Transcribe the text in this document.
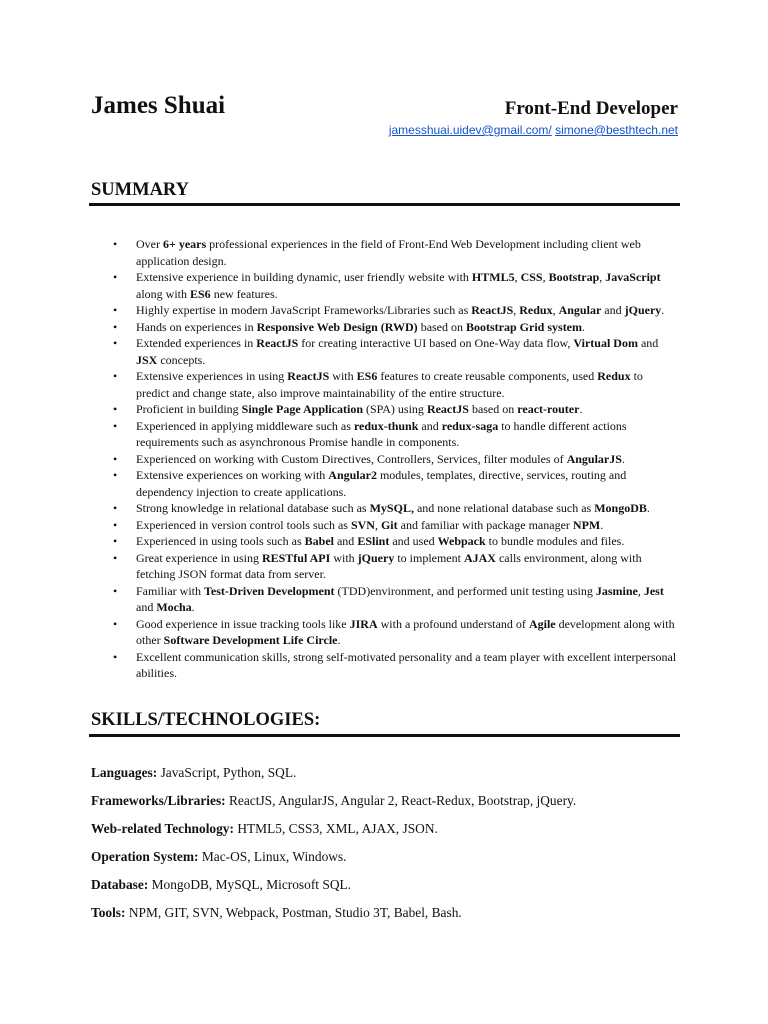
James Shuai	Front-End Developer
jamesshuai.uidev@gmail.com/ simone@besthtech.net
SUMMARY
• Over 6+ years professional experiences in the field of Front-End Web Development including client web application design.
• Extensive experience in building dynamic, user friendly website with HTML5, CSS, Bootstrap, JavaScript along with ES6 new features.
• Highly expertise in modern JavaScript Frameworks/Libraries such as ReactJS, Redux, Angular and jQuery.
• Hands on experiences in Responsive Web Design (RWD) based on Bootstrap Grid system.
• Extended experiences in ReactJS for creating interactive UI based on One-Way data flow, Virtual Dom and JSX concepts.
• Extensive experiences in using ReactJS with ES6 features to create reusable components, used Redux to predict and change state, also improve maintainability of the entire structure.
• Proficient in building Single Page Application (SPA) using ReactJS based on react-router.
• Experienced in applying middleware such as redux-thunk and redux-saga to handle different actions requirements such as asynchronous Promise handle in components.
• Experienced on working with Custom Directives, Controllers, Services, filter modules of AngularJS.
• Extensive experiences on working with Angular2 modules, templates, directive, services, routing and dependency injection to create applications.
• Strong knowledge in relational database such as MySQL, and none relational database such as MongoDB.
• Experienced in version control tools such as SVN, Git and familiar with package manager NPM.
• Experienced in using tools such as Babel and ESlint and used Webpack to bundle modules and files.
• Great experience in using RESTful API with jQuery to implement AJAX calls environment, along with fetching JSON format data from server.
• Familiar with Test-Driven Development (TDD)environment, and performed unit testing using Jasmine, Jest and Mocha.
• Good experience in issue tracking tools like JIRA with a profound understand of Agile development along with other Software Development Life Circle.
• Excellent communication skills, strong self-motivated personality and a team player with excellent interpersonal abilities.
SKILLS/TECHNOLOGIES:
Languages: JavaScript, Python, SQL.
Frameworks/Libraries: ReactJS, AngularJS, Angular 2, React-Redux, Bootstrap, jQuery.
Web-related Technology: HTML5, CSS3, XML, AJAX, JSON.
Operation System: Mac-OS, Linux, Windows.
Database: MongoDB, MySQL, Microsoft SQL.
Tools: NPM, GIT, SVN, Webpack, Postman, Studio 3T, Babel, Bash.
